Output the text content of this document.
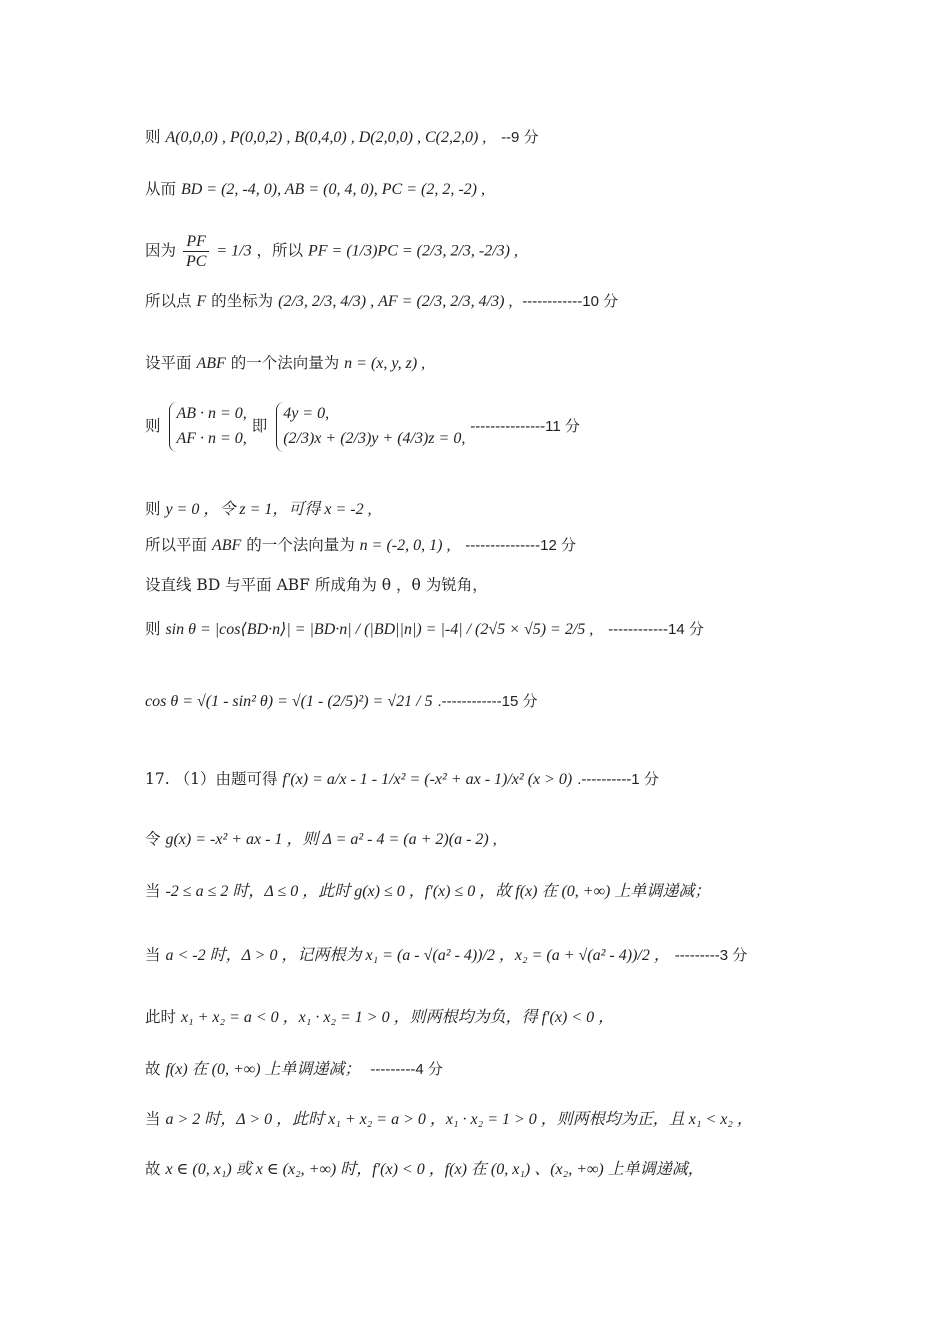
则 A(0,0,0) , P(0,0,2) , B(0,4,0) , D(2,0,0) , C(2,2,0) , --9 分
从而 BD = (2, -4, 0), AB = (0, 4, 0), PC = (2, 2, -2) ,
因为 $\frac{PF}{PC} = 1/3$ ，所以 PF = (1/3)PC = (2/3, 2/3, -2/3) ,
所以点 F 的坐标为 (2/3, 2/3, 4/3) , AF = (2/3, 2/3, 4/3) , ------------10 分
设平面 ABF 的一个法向量为 n = (x, y, z) ,
则
AB · n = 0,
AF · n = 0,
即
4y = 0,
(2/3)x + (2/3)y + (4/3)z = 0,
---------------11 分
则 y = 0 ，令 z = 1，可得 x = -2 ,
所以平面 ABF 的一个法向量为 n = (-2, 0, 1) , ---------------12 分
设直线 BD 与平面 ABF 所成角为 θ ，θ 为锐角，
则 sin θ = |cos⟨BD·n⟩| = |BD·n| / (|BD||n|) = |-4| / (2√5 × √5) = 2/5 , ------------14 分
cos θ = √(1 - sin² θ) = √(1 - (2/5)²) = √21 / 5 .------------15 分
17. （1）由题可得 f′(x) = a/x - 1 - 1/x² = (-x² + ax - 1)/x² (x > 0) .----------1 分
令 g(x) = -x² + ax - 1 ，则 Δ = a² - 4 = (a + 2)(a - 2) ,
当 -2 ≤ a ≤ 2 时，Δ ≤ 0 ，此时 g(x) ≤ 0 ，f′(x) ≤ 0 ，故 f(x) 在 (0, +∞) 上单调递减；
当 a < -2 时，Δ > 0 ，记两根为 x₁ = (a - √(a² - 4))/2 ，x₂ = (a + √(a² - 4))/2 ， ---------3 分
此时 x₁ + x₂ = a < 0 ，x₁ · x₂ = 1 > 0 ，则两根均为负，得 f′(x) < 0 ，
故 f(x) 在 (0, +∞) 上单调递减； ---------4 分
当 a > 2 时，Δ > 0 ，此时 x₁ + x₂ = a > 0 ，x₁ · x₂ = 1 > 0 ，则两根均为正，且 x₁ < x₂ ，
故 x ∈ (0, x₁) 或 x ∈ (x₂, +∞) 时，f′(x) < 0 ，f(x) 在 (0, x₁) 、(x₂, +∞) 上单调递减，
